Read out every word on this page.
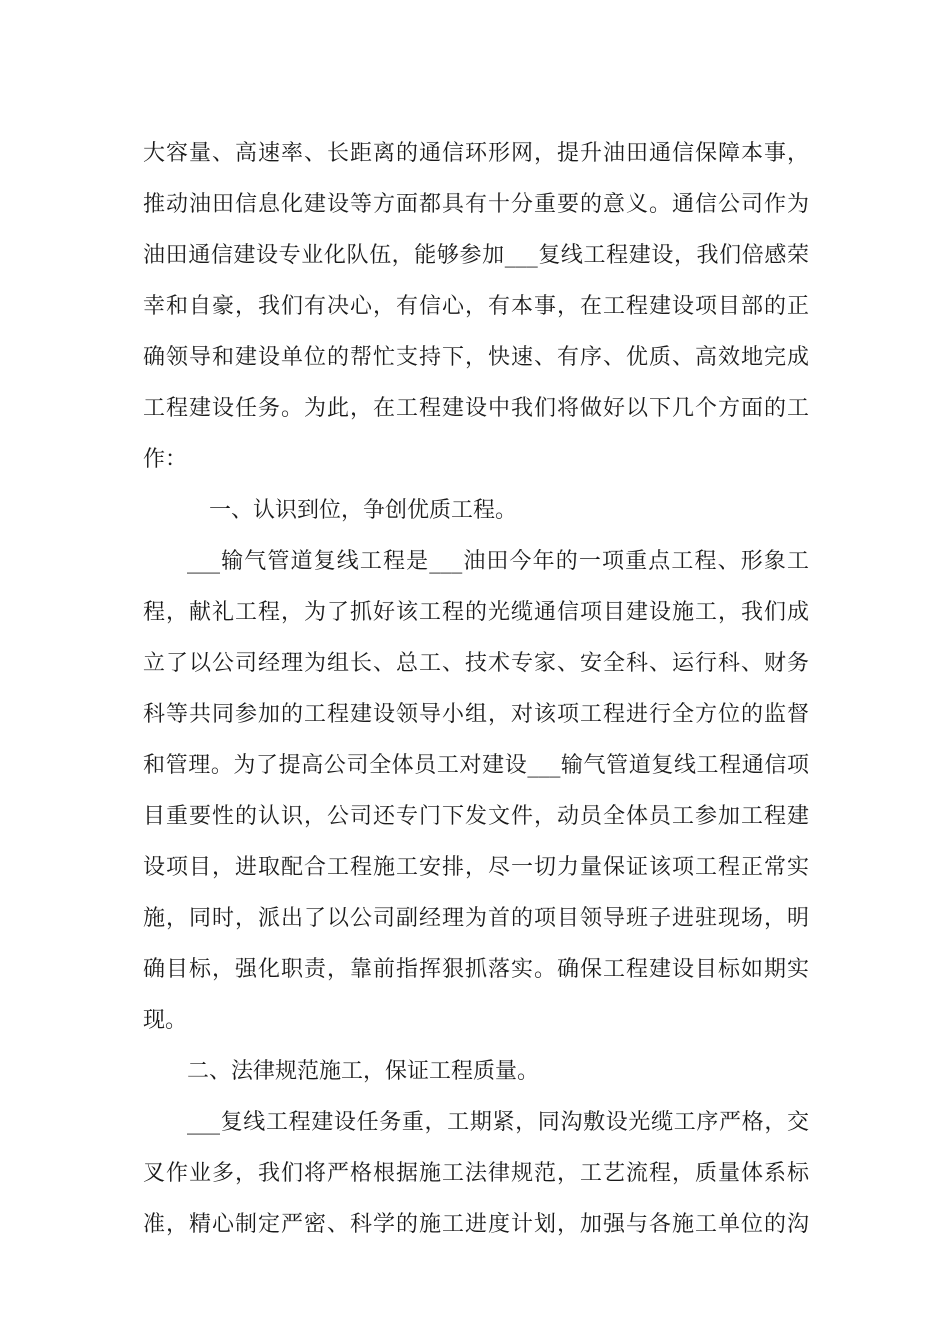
大容量、高速率、长距离的通信环形网，提升油田通信保障本事，
推动油田信息化建设等方面都具有十分重要的意义。通信公司作为
油田通信建设专业化队伍，能够参加___复线工程建设，我们倍感荣
幸和自豪，我们有决心，有信心，有本事，在工程建设项目部的正
确领导和建设单位的帮忙支持下，快速、有序、优质、高效地完成
工程建设任务。为此，在工程建设中我们将做好以下几个方面的工
作：
一、认识到位，争创优质工程。
___输气管道复线工程是___油田今年的一项重点工程、形象工
程，献礼工程，为了抓好该工程的光缆通信项目建设施工，我们成
立了以公司经理为组长、总工、技术专家、安全科、运行科、财务
科等共同参加的工程建设领导小组，对该项工程进行全方位的监督
和管理。为了提高公司全体员工对建设___输气管道复线工程通信项
目重要性的认识，公司还专门下发文件，动员全体员工参加工程建
设项目，进取配合工程施工安排，尽一切力量保证该项工程正常实
施，同时，派出了以公司副经理为首的项目领导班子进驻现场，明
确目标，强化职责，靠前指挥狠抓落实。确保工程建设目标如期实
现。
二、法律规范施工，保证工程质量。
___复线工程建设任务重，工期紧，同沟敷设光缆工序严格，交
叉作业多，我们将严格根据施工法律规范，工艺流程，质量体系标
准，精心制定严密、科学的施工进度计划，加强与各施工单位的沟
